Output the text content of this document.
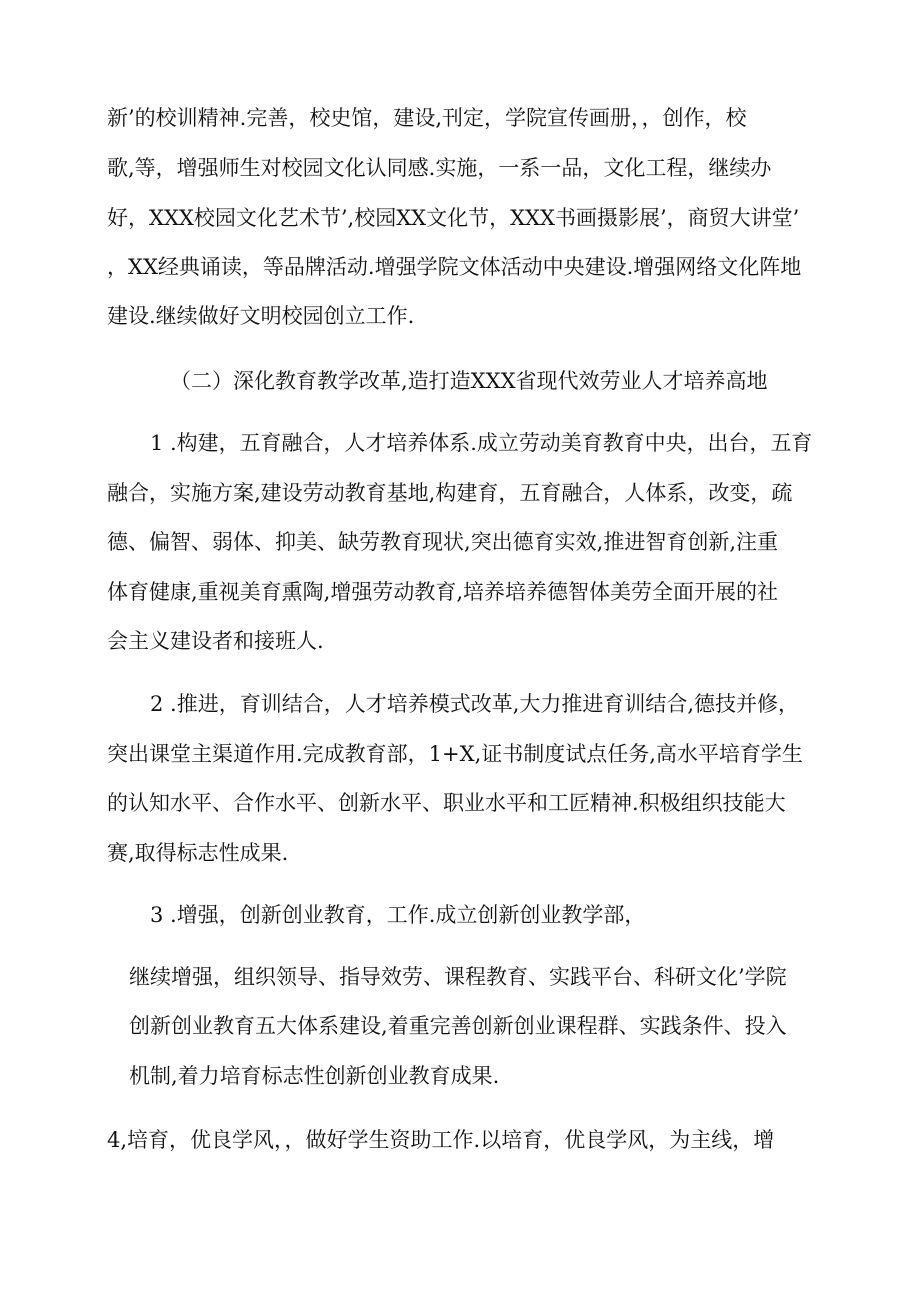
新’的校训精神.完善，校史馆，建设,刊定，学院宣传画册，，创作，校
歌,等，增强师生对校园文化认同感.实施，一系一品，文化工程，继续办
好，XXX校园文化艺术节’,校园XX文化节，XXX书画摄影展’，商贸大讲堂’
，XX经典诵读，等品牌活动.增强学院文体活动中央建设.增强网络文化阵地
建设.继续做好文明校园创立工作.
（二）深化教育教学改革,造打造XXX省现代效劳业人才培养高地
1 .构建，五育融合，人才培养体系.成立劳动美育教育中央，出台，五育
融合，实施方案,建设劳动教育基地,构建育，五育融合，人体系，改变，疏
德、偏智、弱体、抑美、缺劳教育现状,突出德育实效,推进智育创新,注重
体育健康,重视美育熏陶,增强劳动教育,培养培养德智体美劳全面开展的社
会主义建设者和接班人.
2 .推进，育训结合，人才培养模式改革,大力推进育训结合,德技并修，
突出课堂主渠道作用.完成教育部，1+X,证书制度试点任务,高水平培育学生
的认知水平、合作水平、创新水平、职业水平和工匠精神.积极组织技能大
赛,取得标志性成果.
3 .增强，创新创业教育，工作.成立创新创业教学部，
继续增强，组织领导、指导效劳、课程教育、实践平台、科研文化’学院
创新创业教育五大体系建设,着重完善创新创业课程群、实践条件、投入
机制,着力培育标志性创新创业教育成果.
4,培育，优良学风，，做好学生资助工作.以培育，优良学风，为主线，增
